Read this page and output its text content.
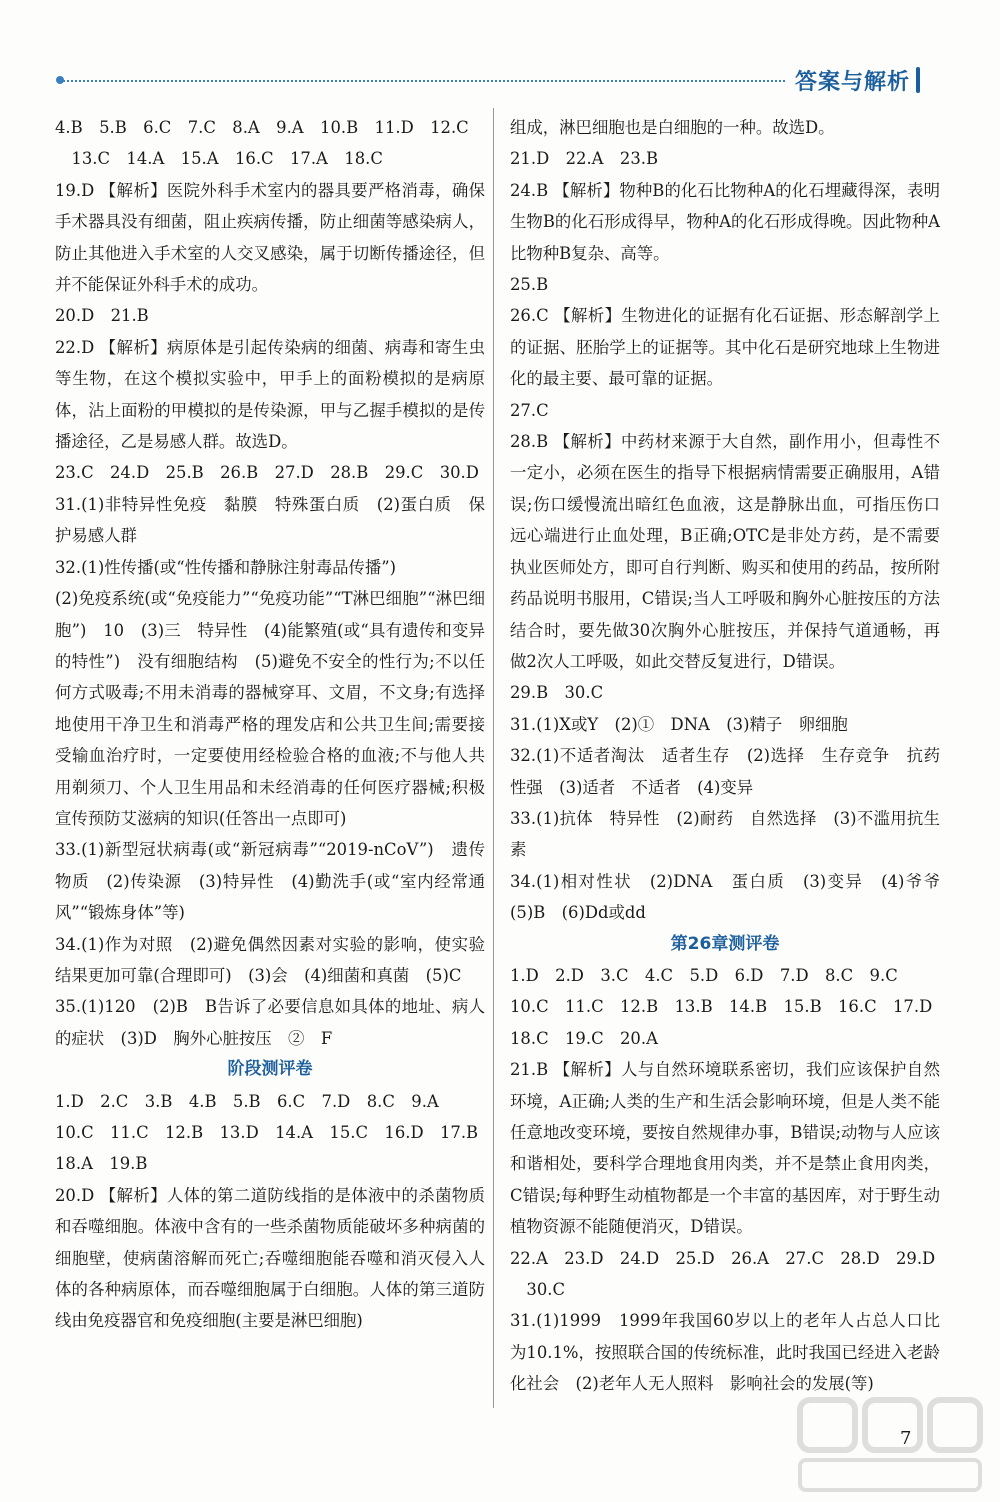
答案与解析

4.B　5.B　6.C　7.C　8.A　9.A　10.B　11.D　12.C

　13.C　14.A　15.A　16.C　17.A　18.C

19.D 【解析】医院外科手术室内的器具要严格消毒，确保手术器具没有细菌，阻止疾病传播，防止细菌等感染病人，防止其他进入手术室的人交叉感染，属于切断传播途径，但并不能保证外科手术的成功。

20.D　21.B

22.D 【解析】病原体是引起传染病的细菌、病毒和寄生虫等生物，在这个模拟实验中，甲手上的面粉模拟的是病原体，沾上面粉的甲模拟的是传染源，甲与乙握手模拟的是传播途径，乙是易感人群。故选D。

23.C　24.D　25.B　26.B　27.D　28.B　29.C　30.D

31.(1)非特异性免疫　黏膜　特殊蛋白质　(2)蛋白质　保护易感人群

32.(1)性传播(或“性传播和静脉注射毒品传播”)

(2)免疫系统(或“免疫能力”“免疫功能”“T淋巴细胞”“淋巴细胞”)　10　(3)三　特异性　(4)能繁殖(或“具有遗传和变异的特性”)　没有细胞结构　(5)避免不安全的性行为;不以任何方式吸毒;不用未消毒的器械穿耳、文眉，不文身;有选择地使用干净卫生和消毒严格的理发店和公共卫生间;需要接受输血治疗时，一定要使用经检验合格的血液;不与他人共用剃须刀、个人卫生用品和未经消毒的任何医疗器械;积极宣传预防艾滋病的知识(任答出一点即可)

33.(1)新型冠状病毒(或“新冠病毒”“2019-nCoV”)　遗传物质　(2)传染源　(3)特异性　(4)勤洗手(或“室内经常通风”“锻炼身体”等)

34.(1)作为对照　(2)避免偶然因素对实验的影响，使实验结果更加可靠(合理即可)　(3)会　(4)细菌和真菌　(5)C

35.(1)120　(2)B　B告诉了必要信息如具体的地址、病人的症状　(3)D　胸外心脏按压　②　F

阶段测评卷

1.D　2.C　3.B　4.B　5.B　6.C　7.D　8.C　9.A

10.C　11.C　12.B　13.D　14.A　15.C　16.D　17.B

18.A　19.B

20.D 【解析】人体的第二道防线指的是体液中的杀菌物质和吞噬细胞。体液中含有的一些杀菌物质能破坏多种病菌的细胞壁，使病菌溶解而死亡;吞噬细胞能吞噬和消灭侵入人体的各种病原体，而吞噬细胞属于白细胞。人体的第三道防线由免疫器官和免疫细胞(主要是淋巴细胞)

组成，淋巴细胞也是白细胞的一种。故选D。

21.D　22.A　23.B

24.B 【解析】物种B的化石比物种A的化石埋藏得深，表明生物B的化石形成得早，物种A的化石形成得晚。因此物种A比物种B复杂、高等。

25.B

26.C 【解析】生物进化的证据有化石证据、形态解剖学上的证据、胚胎学上的证据等。其中化石是研究地球上生物进化的最主要、最可靠的证据。

27.C

28.B 【解析】中药材来源于大自然，副作用小，但毒性不一定小，必须在医生的指导下根据病情需要正确服用，A错误;伤口缓慢流出暗红色血液，这是静脉出血，可指压伤口远心端进行止血处理，B正确;OTC是非处方药，是不需要执业医师处方，即可自行判断、购买和使用的药品，按所附药品说明书服用，C错误;当人工呼吸和胸外心脏按压的方法结合时，要先做30次胸外心脏按压，并保持气道通畅，再做2次人工呼吸，如此交替反复进行，D错误。

29.B　30.C

31.(1)X或Y　(2)①　DNA　(3)精子　卵细胞

32.(1)不适者淘汰　适者生存　(2)选择　生存竞争　抗药性强　(3)适者　不适者　(4)变异

33.(1)抗体　特异性　(2)耐药　自然选择　(3)不滥用抗生素

34.(1)相对性状　(2)DNA　蛋白质　(3)变异　(4)爷爷　(5)B　(6)Dd或dd

第26章测评卷

1.D　2.D　3.C　4.C　5.D　6.D　7.D　8.C　9.C

10.C　11.C　12.B　13.B　14.B　15.B　16.C　17.D

18.C　19.C　20.A

21.B 【解析】人与自然环境联系密切，我们应该保护自然环境，A正确;人类的生产和生活会影响环境，但是人类不能任意地改变环境，要按自然规律办事，B错误;动物与人应该和谐相处，要科学合理地食用肉类，并不是禁止食用肉类，C错误;每种野生动植物都是一个丰富的基因库，对于野生动植物资源不能随便消灭，D错误。

22.A　23.D　24.D　25.D　26.A　27.C　28.D　29.D

　30.C

31.(1)1999　1999年我国60岁以上的老年人占总人口比为10.1%，按照联合国的传统标准，此时我国已经进入老龄化社会　(2)老年人无人照料　影响社会的发展(等)

7
